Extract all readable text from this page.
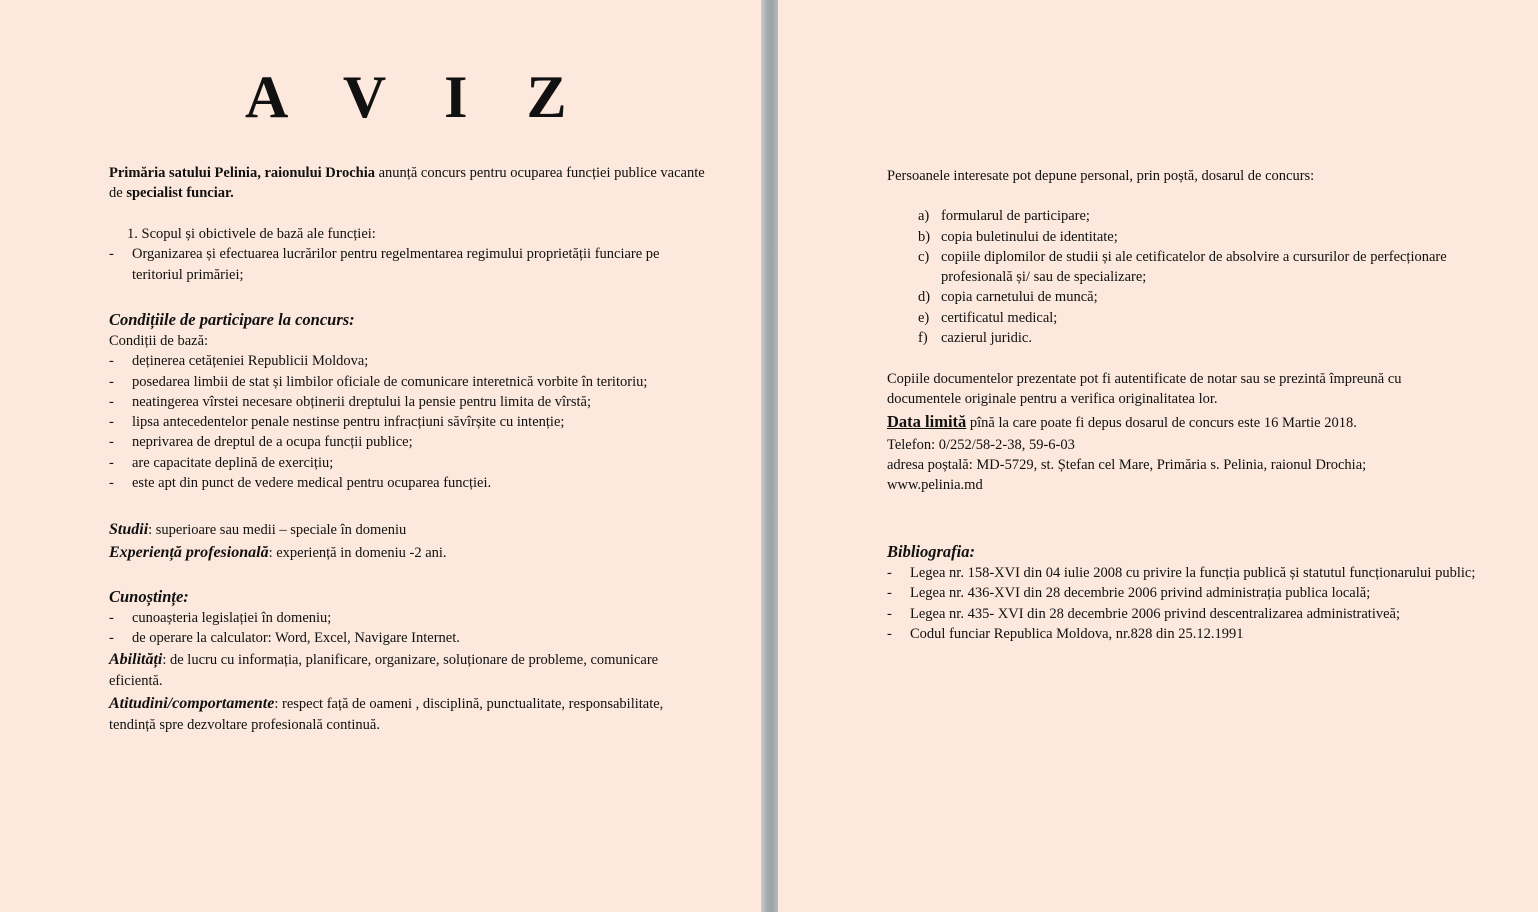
A V I Z

Primăria satului Pelinia, raionului Drochia anunță concurs pentru ocuparea funcției publice vacante de specialist funciar.

1. Scopul și obictivele de bază ale funcției:

- Organizarea și efectuarea lucrărilor pentru regelmentarea regimului proprietății funciare pe teritoriul primăriei;

Condițiile de participare la concurs:

Condiții de bază:

- deținerea cetățeniei Republicii Moldova;

- posedarea limbii de stat și limbilor oficiale de comunicare interetnică vorbite în teritoriu;

- neatingerea vîrstei necesare obținerii dreptului la pensie pentru limita de vîrstă;

- lipsa antecedentelor penale nestinse pentru infracțiuni săvîrșite cu intenție;

- neprivarea de dreptul de a ocupa funcții publice;

- are capacitate deplină de exercițiu;

- este apt din punct de vedere medical pentru ocuparea funcției.

Studii: superioare sau medii – speciale în domeniu

Experiență profesională: experiență in domeniu -2 ani.

Cunoștințe:

- cunoașteria legislației în domeniu;

- de operare la calculator: Word, Excel, Navigare Internet.

Abilități: de lucru cu informația, planificare, organizare, soluționare de probleme, comunicare eficientă.

Atitudini/comportamente: respect față de oameni , disciplină, punctualitate, responsabilitate, tendință spre dezvoltare profesională continuă.

Persoanele interesate pot depune personal, prin poștă, dosarul de concurs:

a) formularul de participare;

b) copia buletinului de identitate;

c) copiile diplomilor de studii și ale cetificatelor de absolvire a cursurilor de perfecționare profesională și/ sau de specializare;

d) copia carnetului de muncă;

e) certificatul medical;

f) cazierul juridic.

Copiile documentelor prezentate pot fi autentificate de notar sau se prezintă împreună cu documentele originale pentru a verifica originalitatea lor.

Data limită pînă la care poate fi depus dosarul de concurs este 16 Martie 2018.

Telefon: 0/252/58-2-38, 59-6-03

adresa poștală: MD-5729, st. Ștefan cel Mare, Primăria s. Pelinia, raionul Drochia;

www.pelinia.md

Bibliografia:

- Legea nr. 158-XVI din 04 iulie 2008 cu privire la funcția publică și statutul funcționarului public;

- Legea nr. 436-XVI din 28 decembrie 2006 privind administrația publica locală;

- Legea nr. 435- XVI din 28 decembrie 2006 privind descentralizarea administrativeă;

- Codul funciar Republica Moldova, nr.828 din 25.12.1991
